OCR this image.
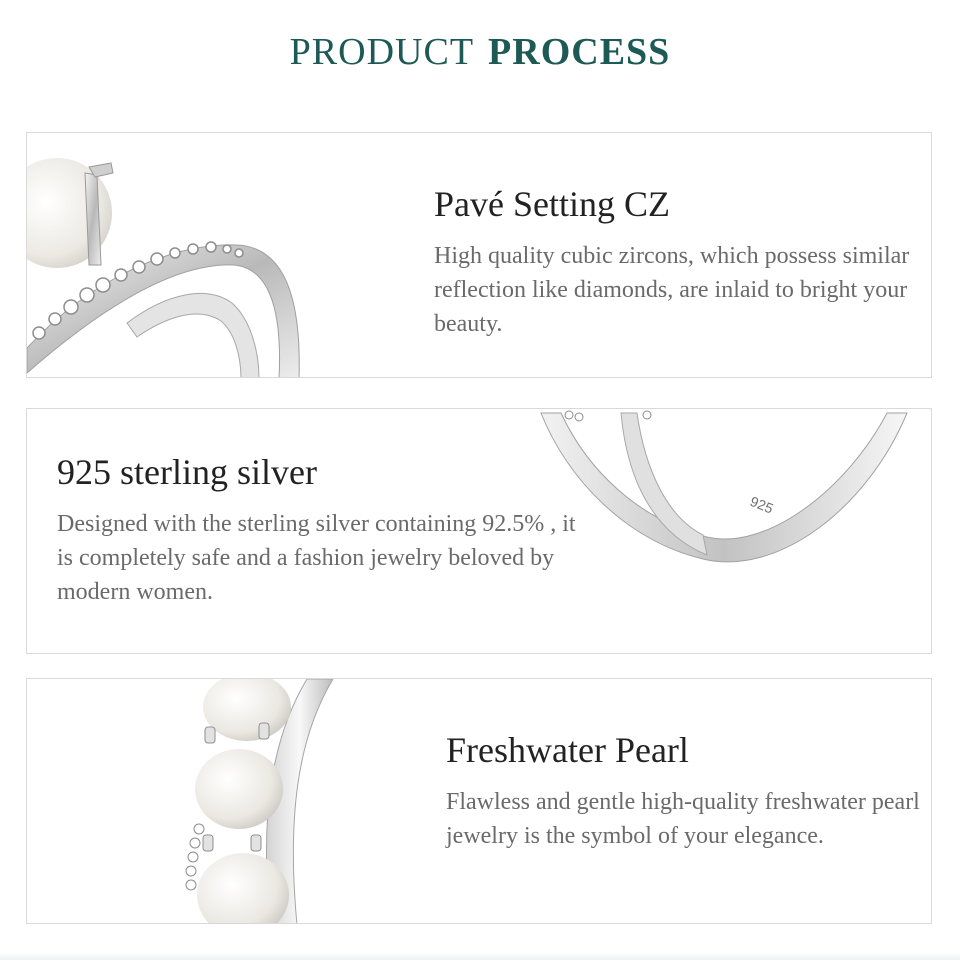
PRODUCT PROCESS
Pavé Setting CZ

High quality cubic zircons, which possess similar reflection like diamonds, are inlaid to bright your beauty.

925 sterling silver

Designed with the sterling silver containing 92.5% , it is completely safe and a fashion jewelry beloved by modern women.

925
Freshwater Pearl

Flawless and gentle high-quality freshwater pearl jewelry is the symbol of your elegance.
